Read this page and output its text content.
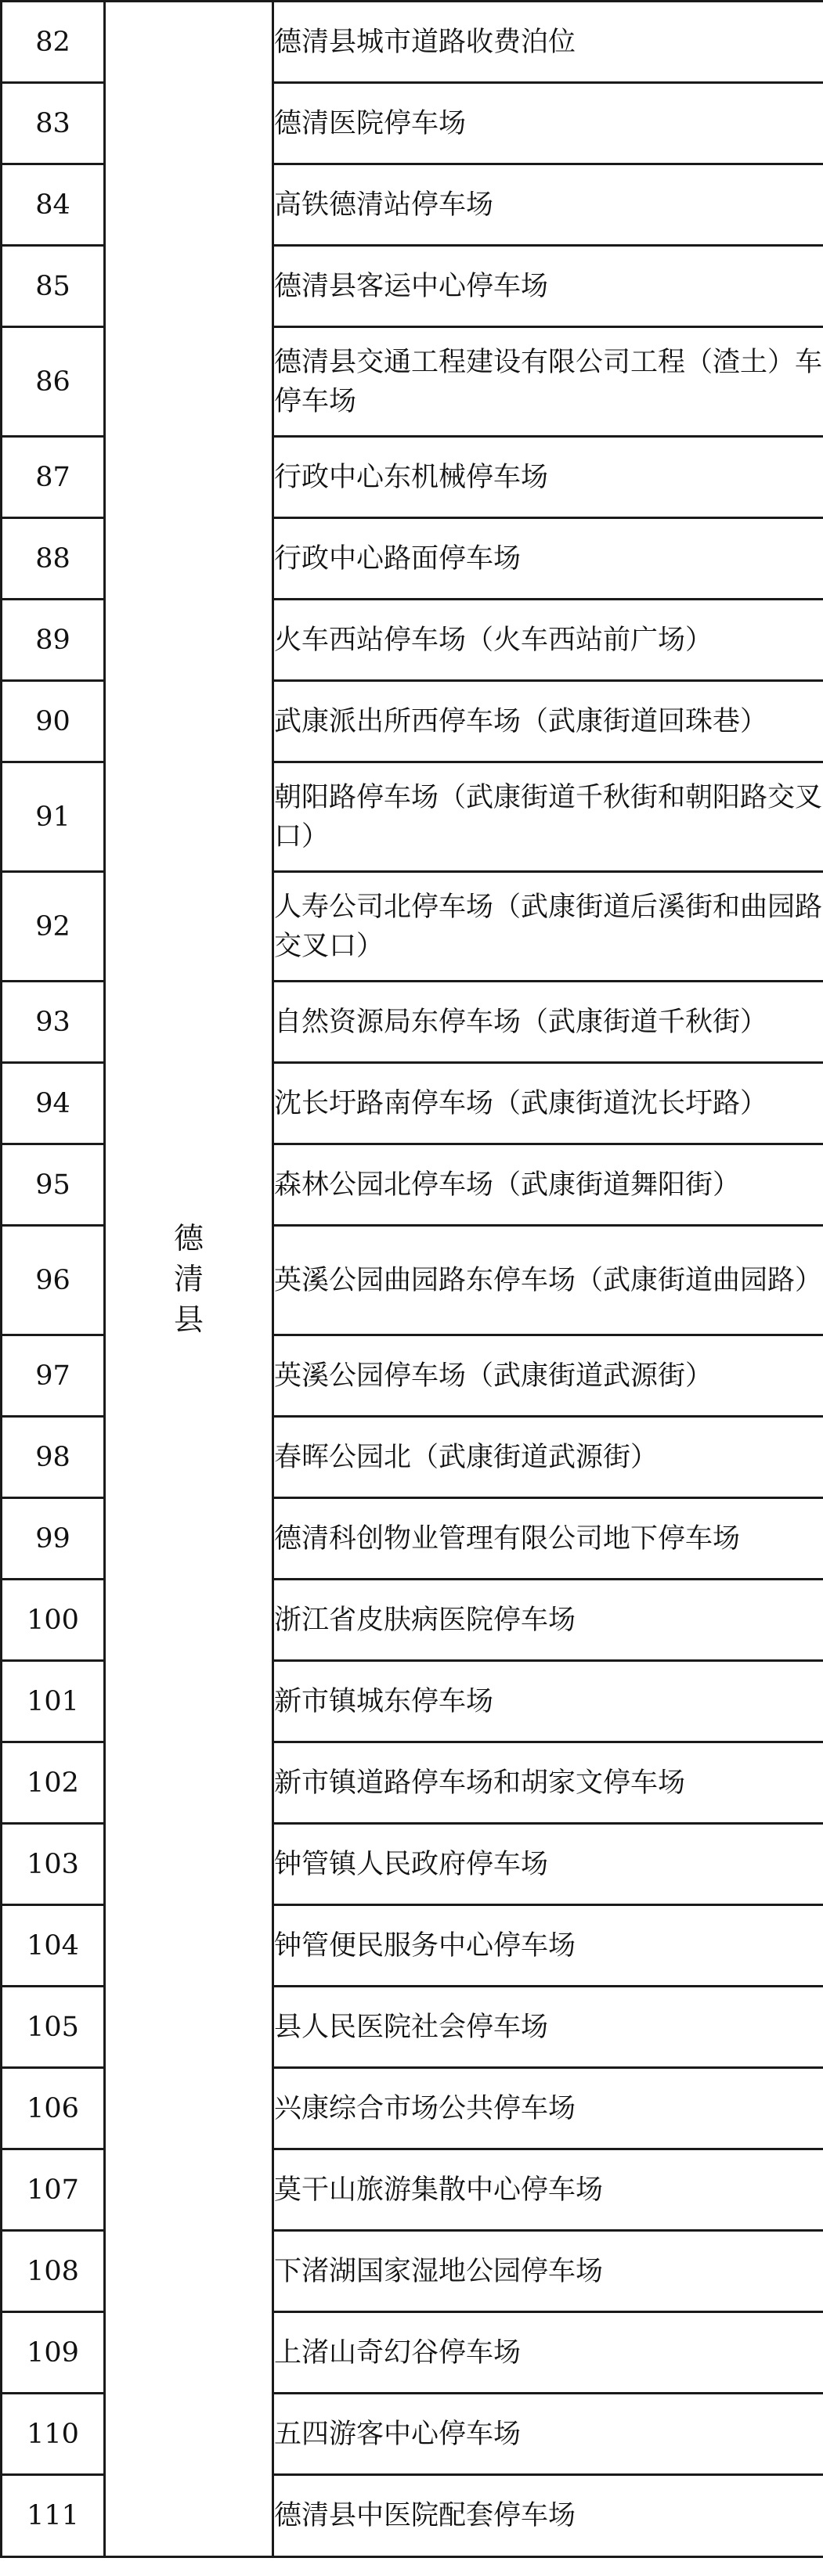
82	德清县	德清县城市道路收费泊位
83		德清医院停车场
84		高铁德清站停车场
85		德清县客运中心停车场
86		德清县交通工程建设有限公司工程（渣土）车停车场
87		行政中心东机械停车场
88		行政中心路面停车场
89		火车西站停车场（火车西站前广场）
90		武康派出所西停车场（武康街道回珠巷）
91		朝阳路停车场（武康街道千秋街和朝阳路交叉口）
92		人寿公司北停车场（武康街道后溪街和曲园路交叉口）
93		自然资源局东停车场（武康街道千秋街）
94		沈长圩路南停车场（武康街道沈长圩路）
95		森林公园北停车场（武康街道舞阳街）
96		英溪公园曲园路东停车场（武康街道曲园路）
97		英溪公园停车场（武康街道武源街）
98		春晖公园北（武康街道武源街）
99		德清科创物业管理有限公司地下停车场
100		浙江省皮肤病医院停车场
101		新市镇城东停车场
102		新市镇道路停车场和胡家文停车场
103		钟管镇人民政府停车场
104		钟管便民服务中心停车场
105		县人民医院社会停车场
106		兴康综合市场公共停车场
107		莫干山旅游集散中心停车场
108		下渚湖国家湿地公园停车场
109		上渚山奇幻谷停车场
110		五四游客中心停车场
111		德清县中医院配套停车场
